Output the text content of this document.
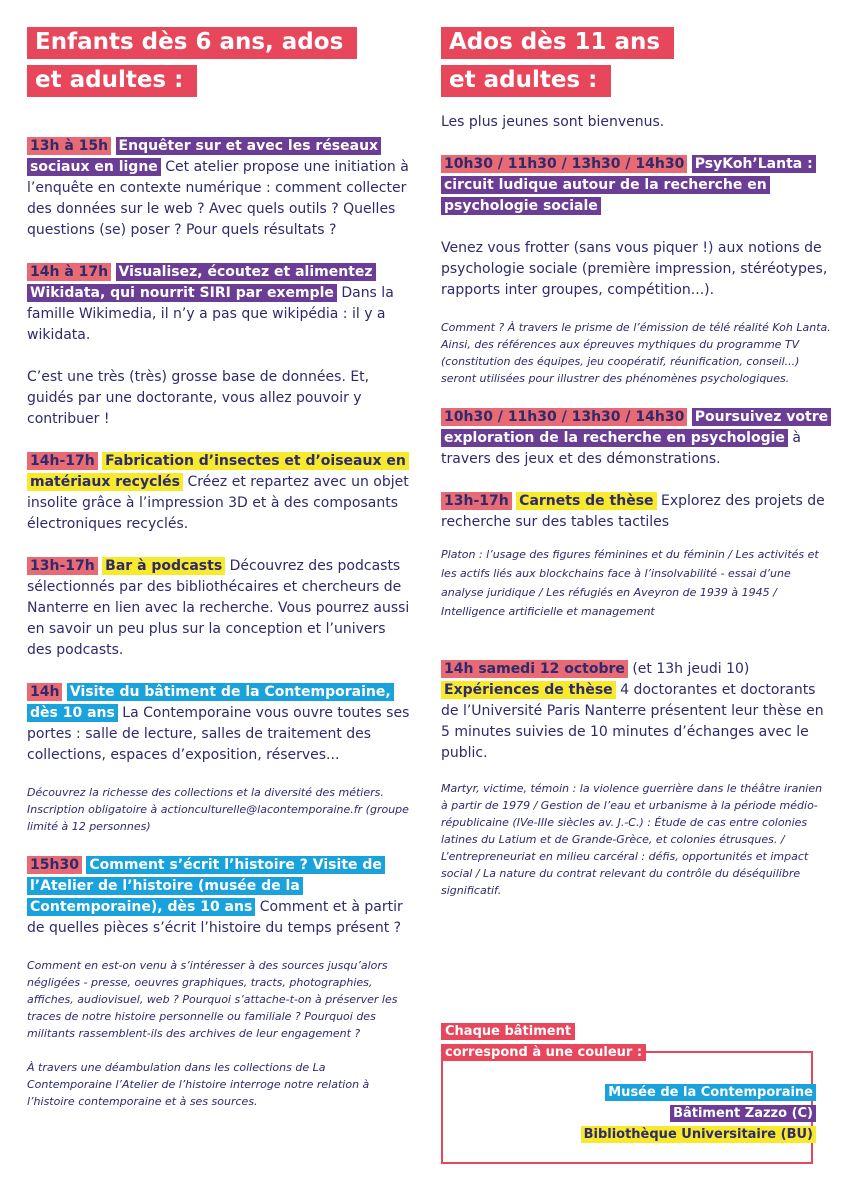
Enfants dès 6 ans, ados
et adultes :

13h à 15h Enquêter sur et avec les réseaux sociaux en ligne Cet atelier propose une initiation à l’enquête en contexte numérique : comment collecter des données sur le web ? Avec quels outils ? Quelles questions (se) poser ? Pour quels résultats ?

14h à 17h Visualisez, écoutez et alimentez Wikidata, qui nourrit SIRI par exemple Dans la famille Wikimedia, il n’y a pas que wikipédia : il y a wikidata.

C’est une très (très) grosse base de données. Et, guidés par une doctorante, vous allez pouvoir y contribuer !

14h-17h Fabrication d’insectes et d’oiseaux en matériaux recyclés Créez et repartez avec un objet insolite grâce à l’impression 3D et à des composants électroniques recyclés.

13h-17h Bar à podcasts Découvrez des podcasts sélectionnés par des bibliothécaires et chercheurs de Nanterre en lien avec la recherche. Vous pourrez aussi en savoir un peu plus sur la conception et l’univers des podcasts.

14h Visite du bâtiment de la Contemporaine, dès 10 ans La Contemporaine vous ouvre toutes ses portes : salle de lecture, salles de traitement des collections, espaces d’exposition, réserves...

Découvrez la richesse des collections et la diversité des métiers. Inscription obligatoire à actionculturelle@lacontemporaine.fr (groupe limité à 12 personnes)

15h30 Comment s’écrit l’histoire ? Visite de l’Atelier de l’histoire (musée de la Contemporaine), dès 10 ans Comment et à partir de quelles pièces s’écrit l’histoire du temps présent ?

Comment en est-on venu à s’intéresser à des sources jusqu’alors négligées - presse, oeuvres graphiques, tracts, photographies, affiches, audiovisuel, web ? Pourquoi s’attache-t-on à préserver les traces de notre histoire personnelle ou familiale ? Pourquoi des militants rassemblent-ils des archives de leur engagement ?

À travers une déambulation dans les collections de La Contemporaine l’Atelier de l’histoire interroge notre relation à l’histoire contemporaine et à ses sources.

Ados dès 11 ans
et adultes :

Les plus jeunes sont bienvenus.

10h30 / 11h30 / 13h30 / 14h30 PsyKoh’Lanta : circuit ludique autour de la recherche en psychologie sociale

Venez vous frotter (sans vous piquer !) aux notions de psychologie sociale (première impression, stéréotypes, rapports inter groupes, compétition...).

Comment ? À travers le prisme de l’émission de télé réalité Koh Lanta. Ainsi, des références aux épreuves mythiques du programme TV (constitution des équipes, jeu coopératif, réunification, conseil...) seront utilisées pour illustrer des phénomènes psychologiques.

10h30 / 11h30 / 13h30 / 14h30 Poursuivez votre exploration de la recherche en psychologie à travers des jeux et des démonstrations.

13h-17h Carnets de thèse Explorez des projets de recherche sur des tables tactiles

Platon : l’usage des figures féminines et du féminin / Les activités et les actifs liés aux blockchains face à l’insolvabilité - essai d’une analyse juridique / Les réfugiés en Aveyron de 1939 à 1945 / Intelligence artificielle et management

14h samedi 12 octobre (et 13h jeudi 10) Expériences de thèse 4 doctorantes et doctorants de l’Université Paris Nanterre présentent leur thèse en 5 minutes suivies de 10 minutes d’échanges avec le public.

Martyr, victime, témoin : la violence guerrière dans le théâtre iranien à partir de 1979 / Gestion de l’eau et urbanisme à la période médio-républicaine (IVe-IIIe siècles av. J.-C.) : Étude de cas entre colonies latines du Latium et de Grande-Grèce, et colonies étrusques. / L’entrepreneuriat en milieu carcéral : défis, opportunités et impact social / La nature du contrat relevant du contrôle du déséquilibre significatif.

Chaque bâtiment
correspond à une couleur :
Musée de la Contemporaine
Bâtiment Zazzo (C)
Bibliothèque Universitaire (BU)
